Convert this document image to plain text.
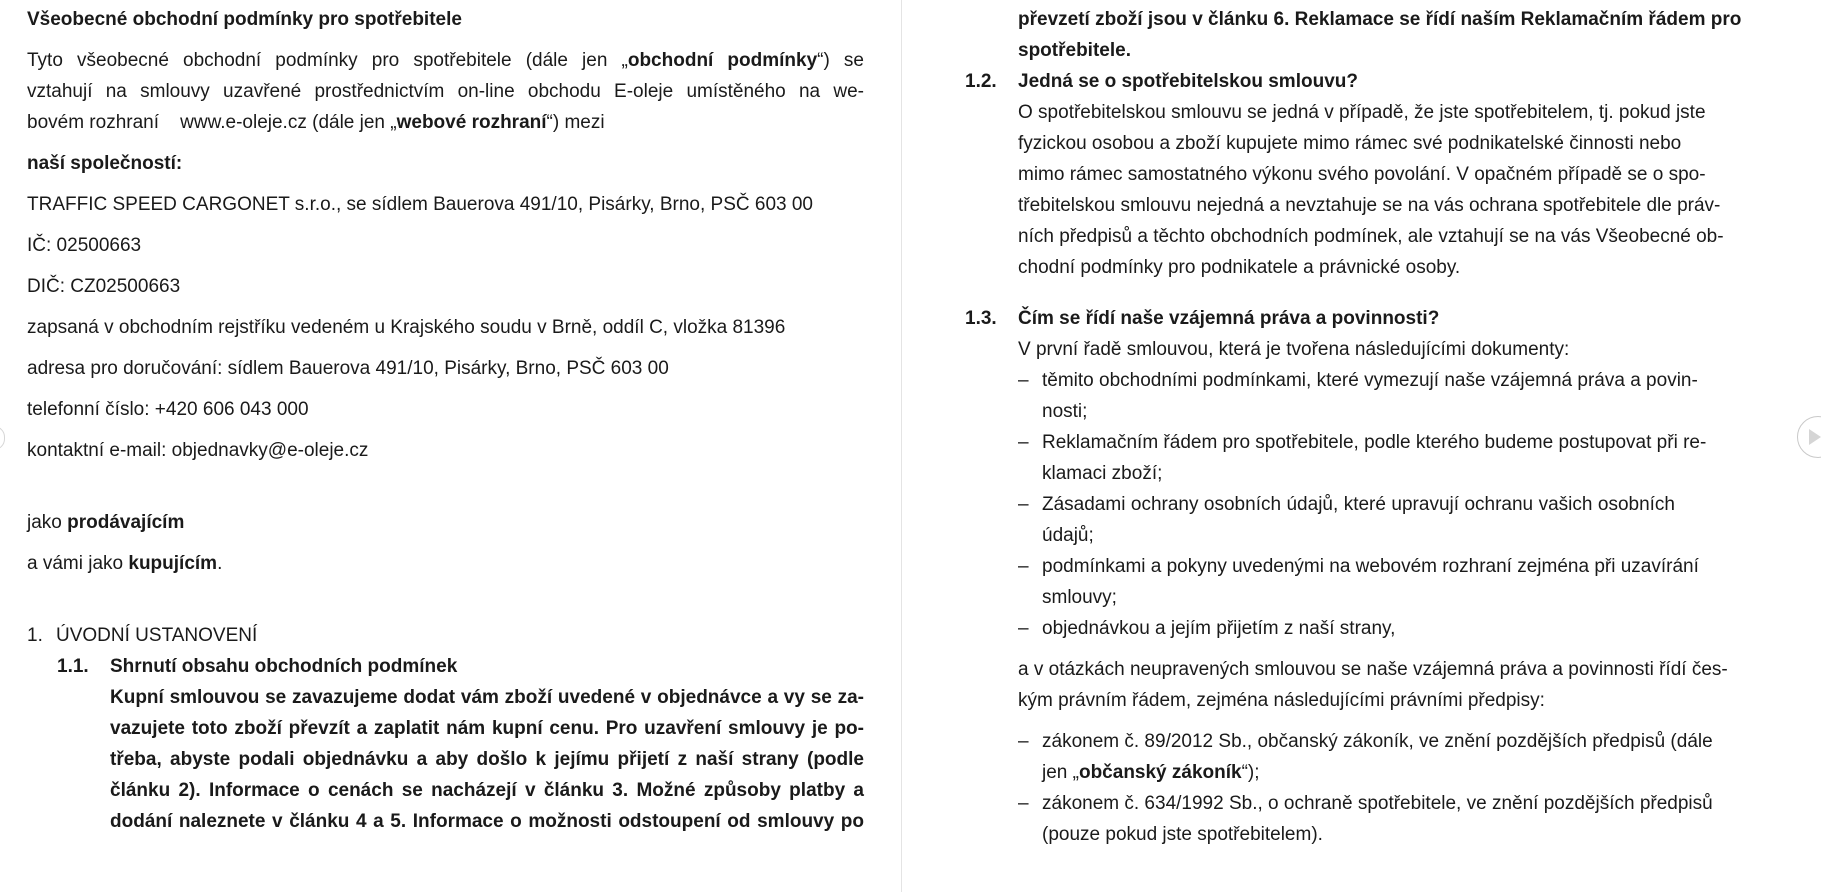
Všeobecné obchodní podmínky pro spotřebitele
Tyto všeobecné obchodní podmínky pro spotřebitele (dále jen „obchodní podmínky“) se
vztahují na smlouvy uzavřené prostřednictvím on-line obchodu E-oleje umístěného na we-
bovém rozhraní    www.e-oleje.cz (dále jen „webové rozhraní“) mezi
naší společností:
TRAFFIC SPEED CARGONET s.r.o., se sídlem Bauerova 491/10, Pisárky, Brno, PSČ 603 00
IČ: 02500663
DIČ: CZ02500663
zapsaná v obchodním rejstříku vedeném u Krajského soudu v Brně, oddíl C, vložka 81396
adresa pro doručování: sídlem Bauerova 491/10, Pisárky, Brno, PSČ 603 00
telefonní číslo: +420 606 043 000
kontaktní e-mail: objednavky@e-oleje.cz
jako prodávajícím
a vámi jako kupujícím.
1. ÚVODNÍ USTANOVENÍ
1.1. Shrnutí obsahu obchodních podmínek
Kupní smlouvou se zavazujeme dodat vám zboží uvedené v objednávce a vy se za-
vazujete toto zboží převzít a zaplatit nám kupní cenu. Pro uzavření smlouvy je po-
třeba, abyste podali objednávku a aby došlo k jejímu přijetí z naší strany (podle
článku 2). Informace o cenách se nacházejí v článku 3. Možné způsoby platby a
dodání naleznete v článku 4 a 5. Informace o možnosti odstoupení od smlouvy po
převzetí zboží jsou v článku 6. Reklamace se řídí naším Reklamačním řádem pro
spotřebitele.
1.2. Jedná se o spotřebitelskou smlouvu?
O spotřebitelskou smlouvu se jedná v případě, že jste spotřebitelem, tj. pokud jste
fyzickou osobou a zboží kupujete mimo rámec své podnikatelské činnosti nebo
mimo rámec samostatného výkonu svého povolání. V opačném případě se o spo-
třebitelskou smlouvu nejedná a nevztahuje se na vás ochrana spotřebitele dle práv-
ních předpisů a těchto obchodních podmínek, ale vztahují se na vás Všeobecné ob-
chodní podmínky pro podnikatele a právnické osoby.
1.3. Čím se řídí naše vzájemná práva a povinnosti?
V první řadě smlouvou, která je tvořena následujícími dokumenty:
– těmito obchodními podmínkami, které vymezují naše vzájemná práva a povin-
nosti;
– Reklamačním řádem pro spotřebitele, podle kterého budeme postupovat při re-
klamaci zboží;
– Zásadami ochrany osobních údajů, které upravují ochranu vašich osobních
údajů;
– podmínkami a pokyny uvedenými na webovém rozhraní zejména při uzavírání
smlouvy;
– objednávkou a jejím přijetím z naší strany,
a v otázkách neupravených smlouvou se naše vzájemná práva a povinnosti řídí čes-
kým právním řádem, zejména následujícími právními předpisy:
– zákonem č. 89/2012 Sb., občanský zákoník, ve znění pozdějších předpisů (dále
jen „občanský zákoník“);
– zákonem č. 634/1992 Sb., o ochraně spotřebitele, ve znění pozdějších předpisů
(pouze pokud jste spotřebitelem).
